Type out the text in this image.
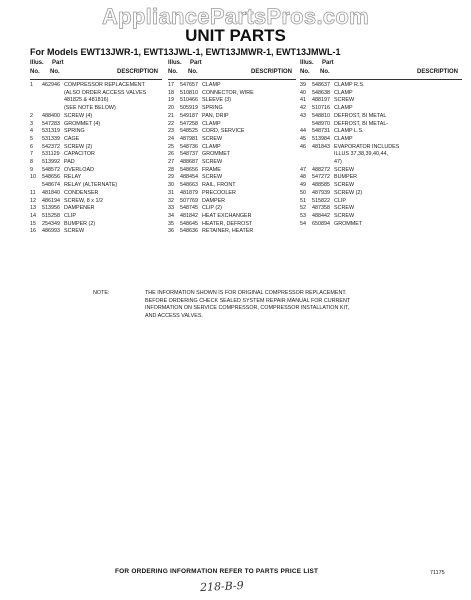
AppliancePartsPros.com
UNIT PARTS
For Models EWT13JWR-1, EWT13JWL-1, EWT13JMWR-1, EWT13JMWL-1
Illus.
No.
Part
No.	DESCRIPTION
1	462946 COMPRESSOR REPLACEMENT
(ALSO ORDER ACCESS VALVES
481825 & 481816)
(SEE NOTE BELOW)
2	488400 SCREW (4)
3	547283 GROMMET (4)
4	531319 SPRING
5	531339 CAGE
6	542372 SCREW (2)
7	531129 CAPACITOR
8	513992 PAD
9	548572 OVERLOAD
10	548656 RELAY
548674 RELAY (ALTERNATE)
11	481840 CONDENSER
12	486194 SCREW, 8 x 1/2
13	513956 DAMPENER
14	515258 CLIP
15	254349 BUMPER (2)
16	486993 SCREW
Illus.
No.
Part
No.	DESCRIPTION
17	547657 CLAMP
18	510810 CONNECTOR, WIRE
19	510466 SLEEVE (3)
20	505919 SPRING
21	549187 PAN, DRIP
22	547258 CLAMP
23	548525 CORD, SERVICE
24	487981 SCREW
25	548736 CLAMP
26	548737 GROMMET
27	488687 SCREW
28	548656 FRAME
29	488454 SCREW
30	548663 RAIL, FRONT
31	481879 PRECOOLER
32	507769 DAMPER
33	548745 CLIP (2)
34	481842 HEAT EXCHANGER
35	548645 HEATER, DEFROST
36	548636 RETAINER, HEATER
Illus.
No.
Part
No.	DESCRIPTION
39	548637 CLAMP R.S.
40	548638 CLAMP
41	488197 SCREW
42	510716 CLAMP
43	548810 DEFROST, BI METAL
548970 DEFROST, BI METAL-
44	548731 CLAMP L.S.
45	513984 CLAMP
46	481843 EVAPORATOR INCLUDES
ILLUS 37,38,39,40,44,
47)
47	488272 SCREW
48	547272 BUMPER
49	488585 SCREW
50	487939 SCREW (2)
51	515822 CLIP
52	487358 SCREW
53	488442 SCREW
54	650894 GROMMET
NOTE:	THE INFORMATION SHOWN IS FOR ORIGINAL COMPRESSOR REPLACEMENT.
BEFORE ORDERING CHECK SEALED SYSTEM REPAIR MANUAL FOR CURRENT
INFORMATION ON SERVICE COMPRESSOR, COMPRESSOR INSTALLATION KIT,
AND ACCESS VALVES.
FOR ORDERING INFORMATION REFER TO PARTS PRICE LIST	71175
218-B-9
